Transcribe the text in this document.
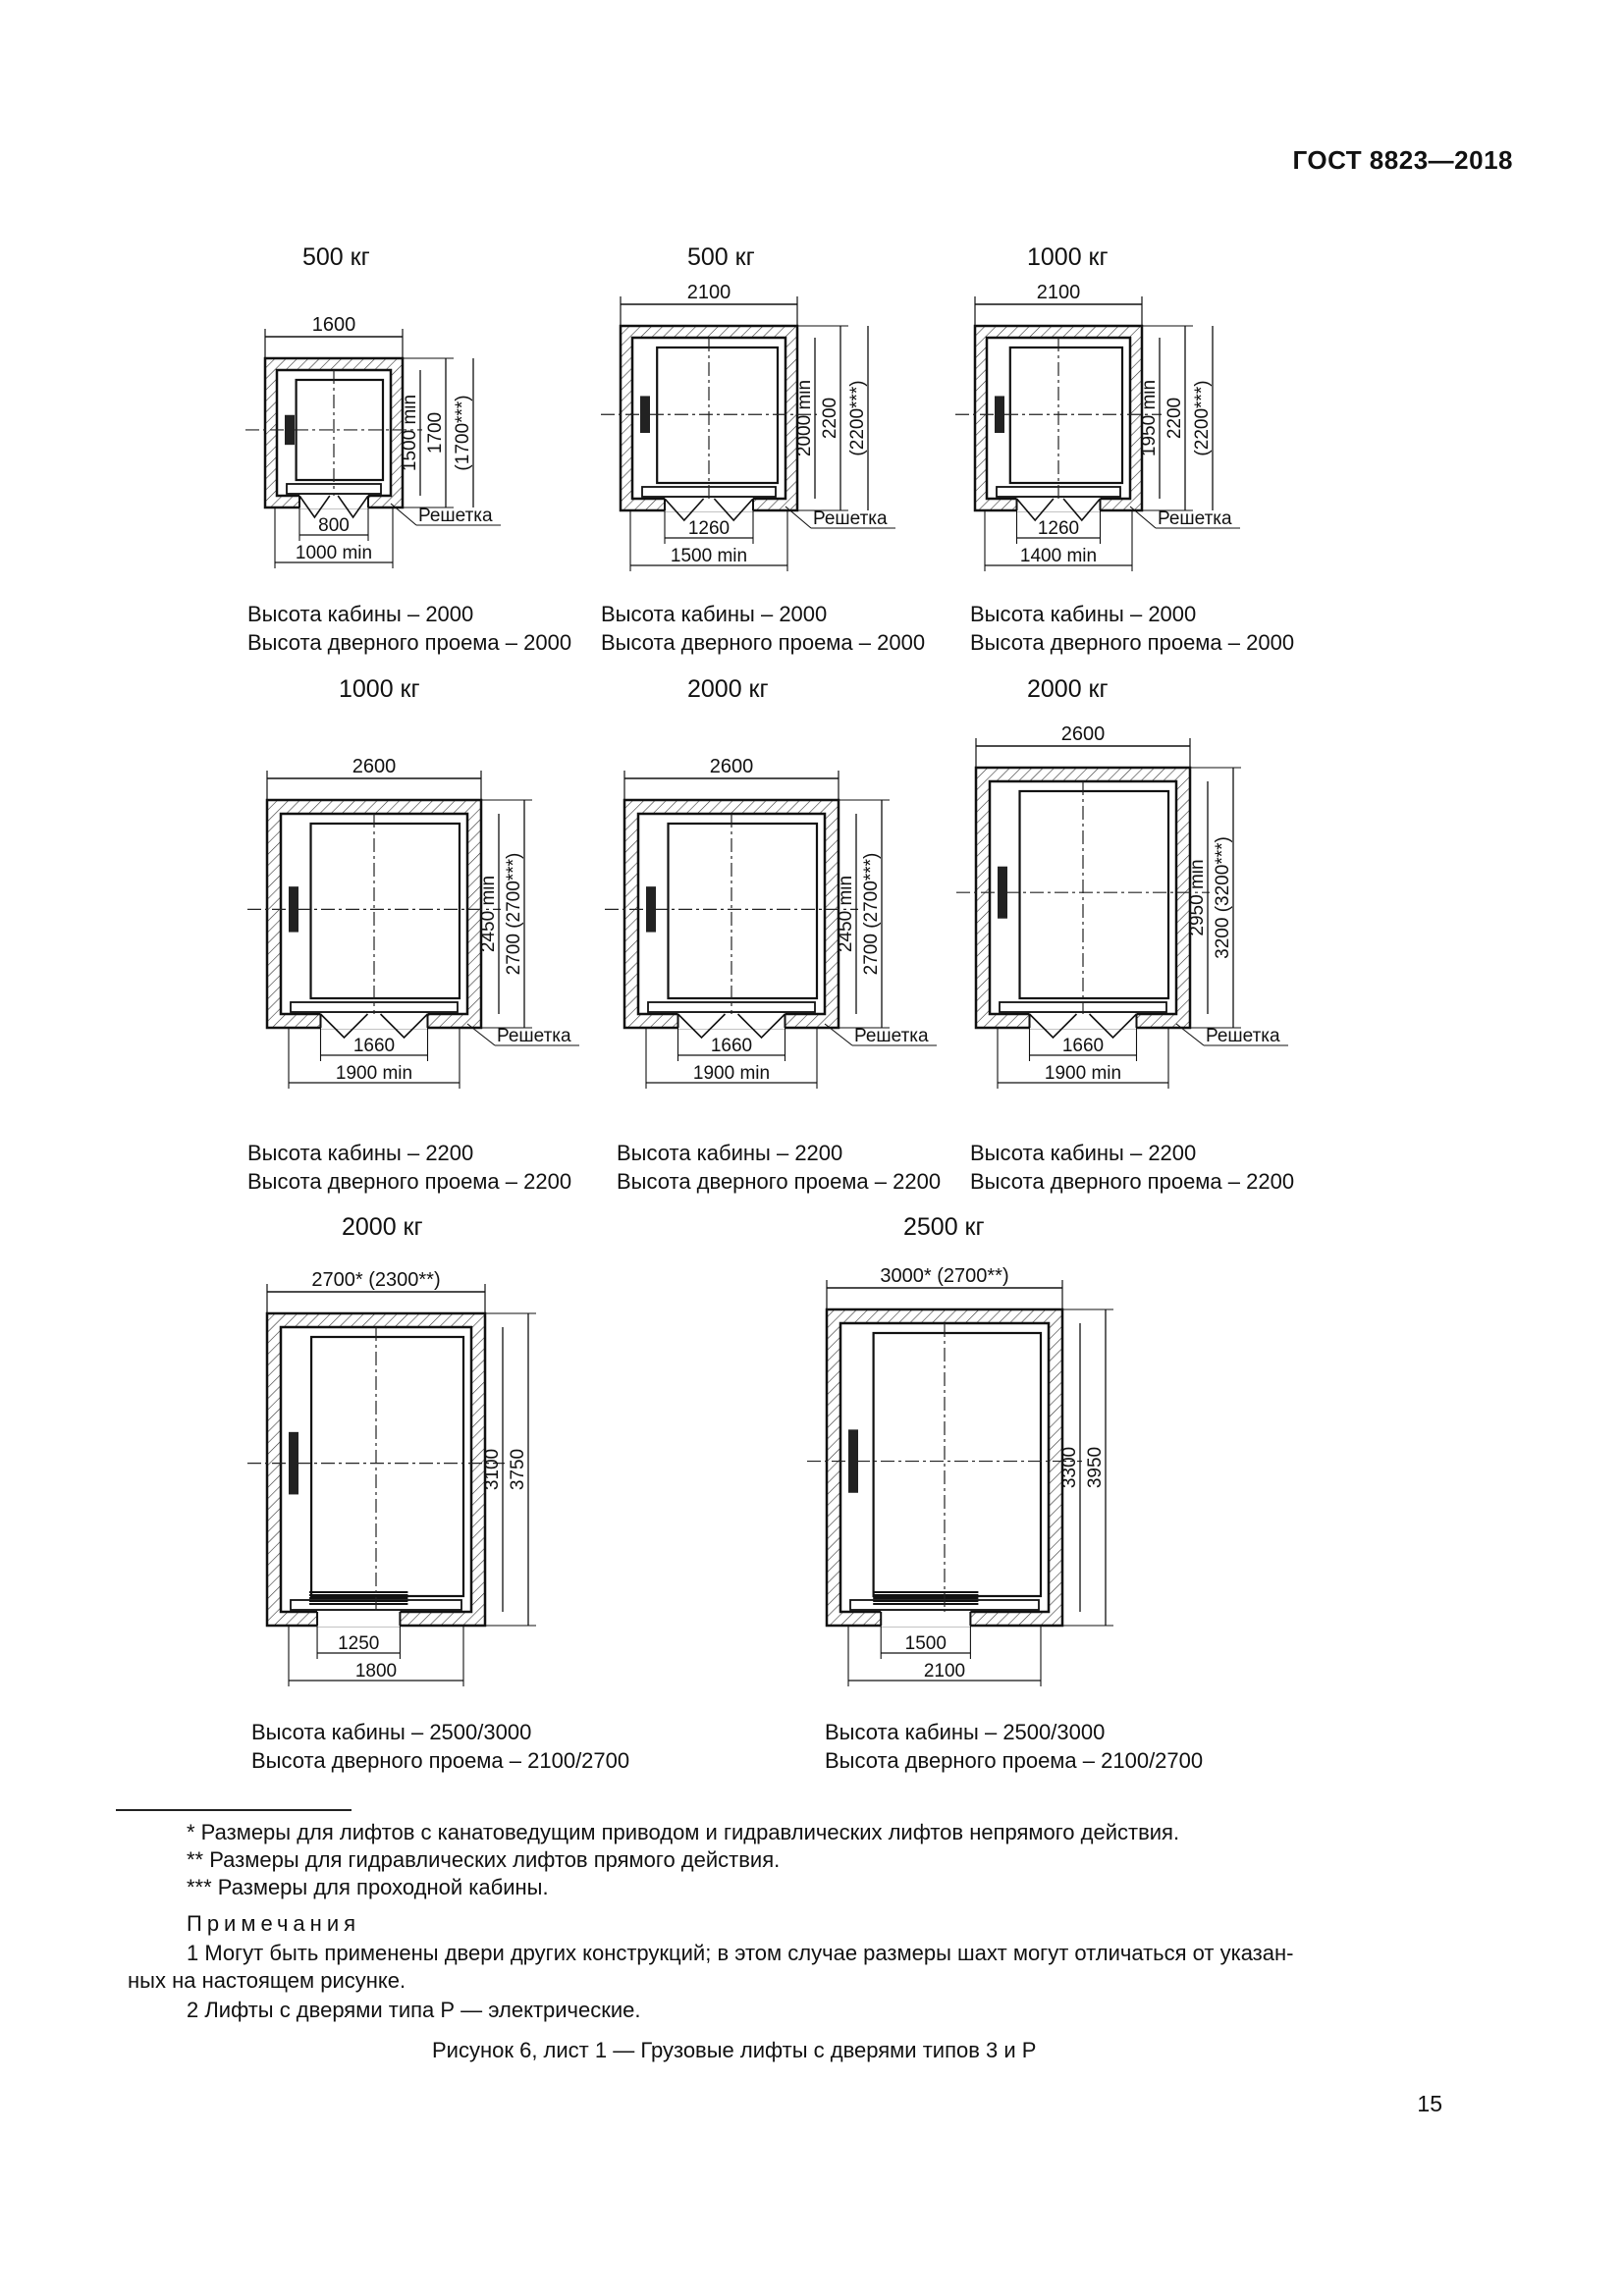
ГОСТ 8823—2018
500 кг
Высота кабины – 2000
Высота дверного проема – 2000
1600
800
1000 min
Решетка
1500 min 1700 (1700***)
500 кг
Высота кабины – 2000
Высота дверного проема – 2000
2100
1260
1500 min
Решетка
2000 min 2200 (2200***)
1000 кг
Высота кабины – 2000
Высота дверного проема – 2000
2100
1260
1400 min
Решетка
1950 min 2200 (2200***)
1000 кг
Высота кабины – 2200
Высота дверного проема – 2200
2600
1660
1900 min
Решетка
2450 min 2700 (2700***)
2000 кг
Высота кабины – 2200
Высота дверного проема – 2200
2600
1660
1900 min
Решетка
2450 min 2700 (2700***)
2000 кг
Высота кабины – 2200
Высота дверного проема – 2200
2600
1660
1900 min
Решетка
2950 min 3200 (3200***)
2000 кг
Высота кабины – 2500/3000
Высота дверного проема – 2100/2700
2700* (2300**)
1250
1800
3100 3750
2500 кг
Высота кабины – 2500/3000
Высота дверного проема – 2100/2700
3000* (2700**)
1500
2100
3300 3950
* Размеры для лифтов с канатоведущим приводом и гидравлических лифтов непрямого действия.
** Размеры для гидравлических лифтов прямого действия.
*** Размеры для проходной кабины.
Примечания
1 Могут быть применены двери других конструкций; в этом случае размеры шахт могут отличаться от указан-
ных на настоящем рисунке.
2 Лифты с дверями типа Р — электрические.
Рисунок 6, лист 1 — Грузовые лифты с дверями типов 3 и Р
15
